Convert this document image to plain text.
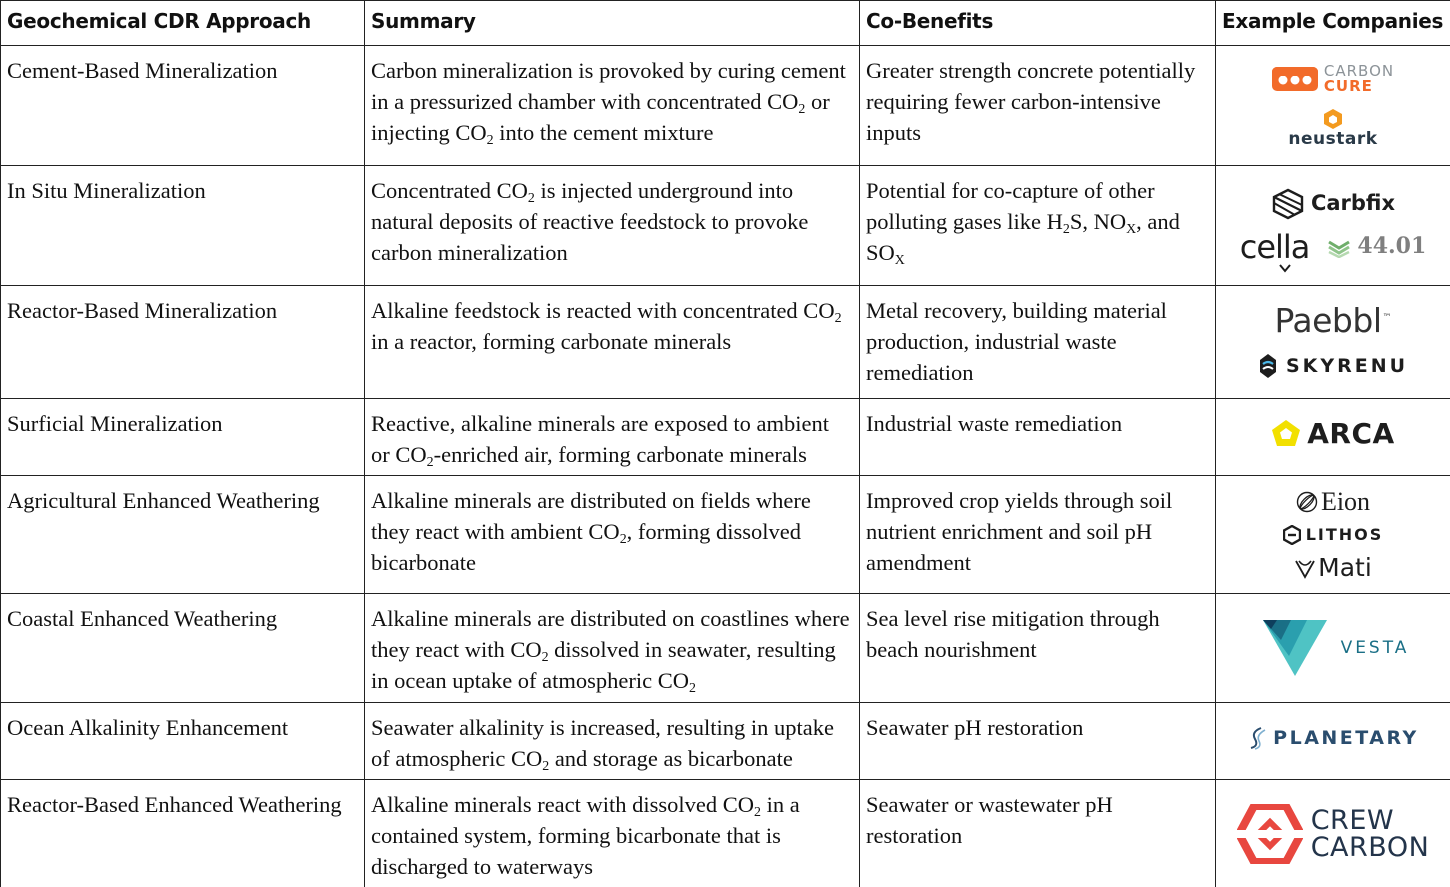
Geochemical CDR Approach	Summary	Co-Benefits	Example Companies
Cement-Based Mineralization	Carbon mineralization is provoked by curing cement in a pressurized chamber with concentrated $CO_2$ or injecting $CO_2$ into the cement mixture	Greater strength concrete potentially requiring fewer carbon-intensive inputs	CARBON
CURE
neustark

In Situ Mineralization	Concentrated $CO_2$ is injected underground into natural deposits of reactive feedstock to provoke carbon mineralization	Potential for co-capture of other polluting gases like $H_2S$, $NO_X$, and $SO_X$	Carbfix
cella 44.01

Reactor-Based Mineralization	Alkaline feedstock is reacted with concentrated $CO_2$ in a reactor, forming carbonate minerals	Metal recovery, building material production, industrial waste remediation	Paebbl ™
SKYRENU

Surficial Mineralization	Reactive, alkaline minerals are exposed to ambient or $CO_2$-enriched air, forming carbonate minerals	Industrial waste remediation	ARCA

Agricultural Enhanced Weathering	Alkaline minerals are distributed on fields where they react with ambient $CO_2$, forming dissolved bicarbonate	Improved crop yields through soil nutrient enrichment and soil pH amendment	Eion
LITHOS
Mati

Coastal Enhanced Weathering	Alkaline minerals are distributed on coastlines where they react with $CO_2$ dissolved in seawater, resulting in ocean uptake of atmospheric $CO_2$	Sea level rise mitigation through beach nourishment	VESTA

Ocean Alkalinity Enhancement	Seawater alkalinity is increased, resulting in uptake of atmospheric $CO_2$ and storage as bicarbonate	Seawater pH restoration	PLANETARY

Reactor-Based Enhanced Weathering	Alkaline minerals react with dissolved $CO_2$ in a contained system, forming bicarbonate that is discharged to waterways	Seawater or wastewater pH restoration	CREW
CARBON
